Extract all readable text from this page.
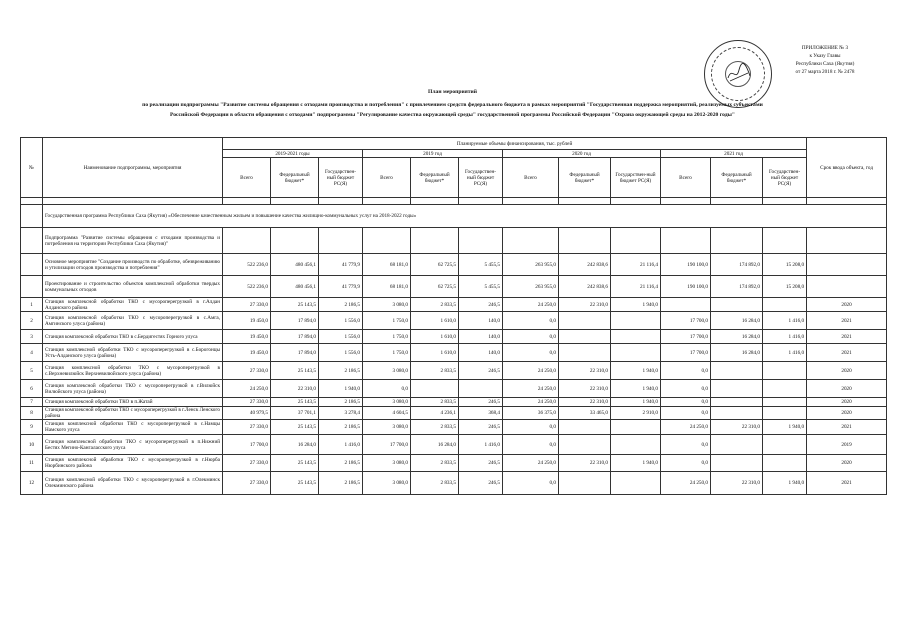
ПРИЛОЖЕНИЕ № 3
к Указу Главы
Республики Саха (Якутия)
от 27 марта 2018 г. № 2478
План мероприятий
по реализации подпрограммы "Развитие системы обращения с отходами производства и потребления" с привлечением средств федерального бюджета в рамках мероприятий "Государственная поддержка мероприятий, реализуемых субъектами
Российской Федерации в области обращения с отходами" подпрограммы "Регулирование качества окружающей среды" государственной программы Российской Федерации "Охрана окружающей среды на 2012-2020 годы"
№	Наименование подпрограммы, мероприятия	Планируемые объемы финансирования, тыс. рублей												Срок ввода объекта, год
		2019-2021 годы			2019 год			2020 год			2021 год			
		Всего	Федеральный бюджет*	Государствен-ный бюджет РС(Я)	Всего	Федеральный бюджет*	Государствен-ный бюджет РС(Я)	Всего	Федеральный бюджет*	Государствен-ный бюджет РС(Я)	Всего	Федеральный бюджет*	Государствен-ный бюджет РС(Я)	

	Государственная программа Республики Саха (Якутия) «Обеспечение качественным жильем и повышение качества жилищно-коммунальных услуг на 2018-2022 годы»													
	Подпрограмма "Развитие системы обращения с отходами производства и потребления на территории Республики Саха (Якутия)"													
	Основное мероприятие "Создание производств по обработке, обезвреживанию и утилизации отходов производства и потребления"	522 236,0	480 456,1	41 779,9	68 181,0	62 725,5	5 455,5	263 955,0	242 838,6	21 116,4	190 100,0	174 892,0	15 208,0	
	Проектирование и строительство объектов комплексной обработки твердых коммунальных отходов	522 236,0	480 456,1	41 779,9	68 181,0	62 725,5	5 455,5	263 955,0	242 838,6	21 116,4	190 100,0	174 892,0	15 208,0	
1	Станция комплексной обработки ТКО с мусороперегрузкой в г.Алдан Алданского района	27 330,0	25 143,5	2 186,5	3 080,0	2 833,5	246,5	24 250,0	22 310,0	1 940,0				2020
2	Станция комплексной обработки ТКО с мусороперегрузкой в с.Амга, Амгинского улуса (района)	19 450,0	17 894,0	1 556,0	1 750,0	1 610,0	140,0	0,0			17 700,0	16 284,0	1 416,0	2021
3	Станция комплексной обработки ТКО в с.Бердигестях Горного улуса	19 450,0	17 894,0	1 556,0	1 750,0	1 610,0	140,0	0,0			17 700,0	16 284,0	1 416,0	2021
4	Станция комплексной обработки ТКО с мусороперегрузкой в с.Борогонцы Усть-Алданского улуса (района)	19 450,0	17 894,0	1 556,0	1 750,0	1 610,0	140,0	0,0			17 700,0	16 284,0	1 416,0	2021
5	Станция комплексной обработки ТКО с мусороперегрузкой в с.Верхневилюйск Верхневилюйского улуса (района)	27 330,0	25 143,5	2 186,5	3 080,0	2 833,5	246,5	24 250,0	22 310,0	1 940,0	0,0			2020
6	Станция комплексной обработки ТКО с мусороперегрузкой в г.Вилюйск Вилюйского улуса (района)	24 250,0	22 310,0	1 940,0	0,0			24 250,0	22 310,0	1 940,0	0,0			2020
7	Станция комплексной обработки ТКО в п.Жатай	27 330,0	25 143,5	2 186,5	3 080,0	2 833,5	246,5	24 250,0	22 310,0	1 940,0	0,0			2020
8	Станция комплексной обработки ТКО с мусороперегрузкой в г.Ленск Ленского района	40 979,5	37 701,1	3 278,4	4 604,5	4 236,1	368,4	36 375,0	33 465,0	2 910,0	0,0			2020
9	Станция комплексной обработки ТКО с мусороперегрузкой в с.Намцы Намского улуса	27 330,0	25 143,5	2 186,5	3 080,0	2 833,5	246,5	0,0			24 250,0	22 310,0	1 940,0	2021
10	Станция комплексной обработки ТКО с мусороперегрузкой в п.Нижний Бестях Мегино-Кангаласского улуса	17 700,0	16 284,0	1 416,0	17 700,0	16 284,0	1 416,0	0,0			0,0			2019
11	Станция комплексной обработки ТКО с мусороперегрузкой в г.Нюрба Нюрбинского района	27 330,0	25 143,5	2 186,5	3 080,0	2 833,5	246,5	24 250,0	22 310,0	1 940,0	0,0			2020
12	Станция комплексной обработки ТКО с мусороперегрузкой в г.Олекминск Олекминского района	27 330,0	25 143,5	2 186,5	3 080,0	2 833,5	246,5	0,0			24 250,0	22 310,0	1 940,0	2021
